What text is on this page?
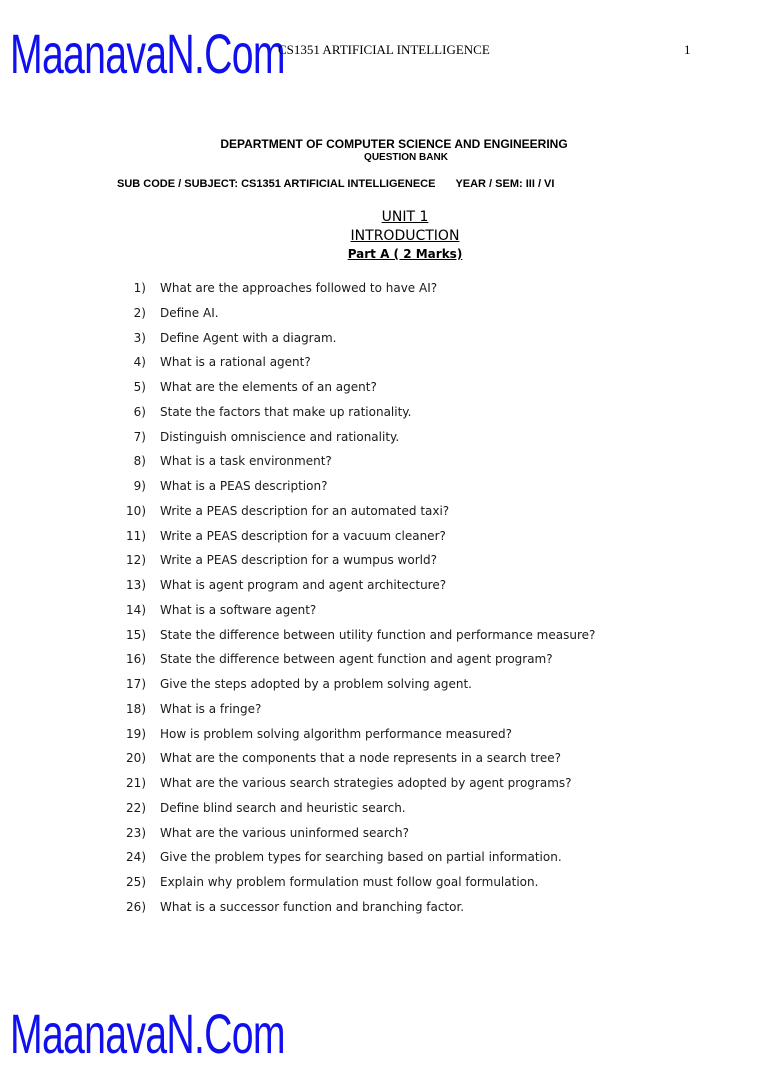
MaanavaN.Com
CS1351 ARTIFICIAL INTELLIGENCE	1
DEPARTMENT OF COMPUTER SCIENCE AND ENGINEERING
QUESTION BANK
SUB CODE / SUBJECT: CS1351 ARTIFICIAL INTELLIGENECE YEAR / SEM: III / VI
UNIT 1
INTRODUCTION
Part A ( 2 Marks)
1) What are the approaches followed to have AI?
2) Define AI.
3) Define Agent with a diagram.
4) What is a rational agent?
5) What are the elements of an agent?
6) State the factors that make up rationality.
7) Distinguish omniscience and rationality.
8) What is a task environment?
9) What is a PEAS description?
10) Write a PEAS description for an automated taxi?
11) Write a PEAS description for a vacuum cleaner?
12) Write a PEAS description for a wumpus world?
13) What is agent program and agent architecture?
14) What is a software agent?
15) State the difference between utility function and performance measure?
16) State the difference between agent function and agent program?
17) Give the steps adopted by a problem solving agent.
18) What is a fringe?
19) How is problem solving algorithm performance measured?
20) What are the components that a node represents in a search tree?
21) What are the various search strategies adopted by agent programs?
22) Define blind search and heuristic search.
23) What are the various uninformed search?
24) Give the problem types for searching based on partial information.
25) Explain why problem formulation must follow goal formulation.
26) What is a successor function and branching factor.
MaanavaN.Com
